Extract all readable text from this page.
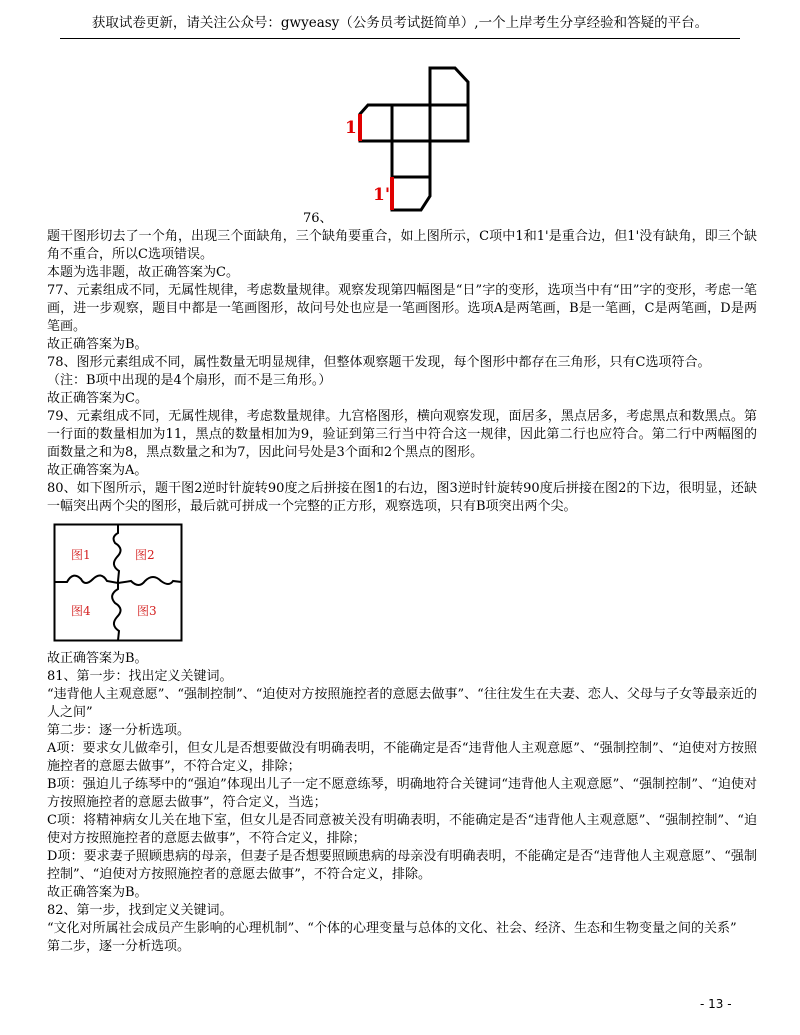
获取试卷更新，请关注公众号：gwyeasy（公务员考试挺简单）,一个上岸考生分享经验和答疑的平台。
1
1'
76、

题干图形切去了一个角，出现三个面缺角，三个缺角要重合，如上图所示，C项中1和1'是重合边，但1'没有缺角，即三个缺角不重合，所以C选项错误。

本题为选非题，故正确答案为C。

77、元素组成不同，无属性规律，考虑数量规律。观察发现第四幅图是“日”字的变形，选项当中有“田”字的变形，考虑一笔画，进一步观察，题目中都是一笔画图形，故问号处也应是一笔画图形。选项A是两笔画，B是一笔画，C是两笔画，D是两笔画。

故正确答案为B。

78、图形元素组成不同，属性数量无明显规律，但整体观察题干发现，每个图形中都存在三角形，只有C选项符合。

（注：B项中出现的是4个扇形，而不是三角形。）

故正确答案为C。

79、元素组成不同，无属性规律，考虑数量规律。九宫格图形，横向观察发现，面居多，黑点居多，考虑黑点和数黑点。第一行面的数量相加为11，黑点的数量相加为9，验证到第三行当中符合这一规律，因此第二行也应符合。第二行中两幅图的面数量之和为8，黑点数量之和为7，因此问号处是3个面和2个黑点的图形。

故正确答案为A。

80、如下图所示，题干图2逆时针旋转90度之后拼接在图1的右边，图3逆时针旋转90度后拼接在图2的下边，很明显，还缺一幅突出两个尖的图形，最后就可拼成一个完整的正方形，观察选项，只有B项突出两个尖。

图1	图2
图4	图3

故正确答案为B。

81、第一步：找出定义关键词。

“违背他人主观意愿”、“强制控制”、“迫使对方按照施控者的意愿去做事”、“往往发生在夫妻、恋人、父母与子女等最亲近的人之间”

第二步：逐一分析选项。

A项：要求女儿做牵引，但女儿是否想要做没有明确表明，不能确定是否“违背他人主观意愿”、“强制控制”、“迫使对方按照施控者的意愿去做事”，不符合定义，排除；

B项：强迫儿子练琴中的“强迫”体现出儿子一定不愿意练琴，明确地符合关键词“违背他人主观意愿”、“强制控制”、“迫使对方按照施控者的意愿去做事”，符合定义，当选；

C项：将精神病女儿关在地下室，但女儿是否同意被关没有明确表明，不能确定是否“违背他人主观意愿”、“强制控制”、“迫使对方按照施控者的意愿去做事”，不符合定义，排除；

D项：要求妻子照顾患病的母亲，但妻子是否想要照顾患病的母亲没有明确表明，不能确定是否“违背他人主观意愿”、“强制控制”、“迫使对方按照施控者的意愿去做事”，不符合定义，排除。

故正确答案为B。

82、第一步，找到定义关键词。

“文化对所属社会成员产生影响的心理机制”、“个体的心理变量与总体的文化、社会、经济、生态和生物变量之间的关系”

第二步，逐一分析选项。

- 13 -
